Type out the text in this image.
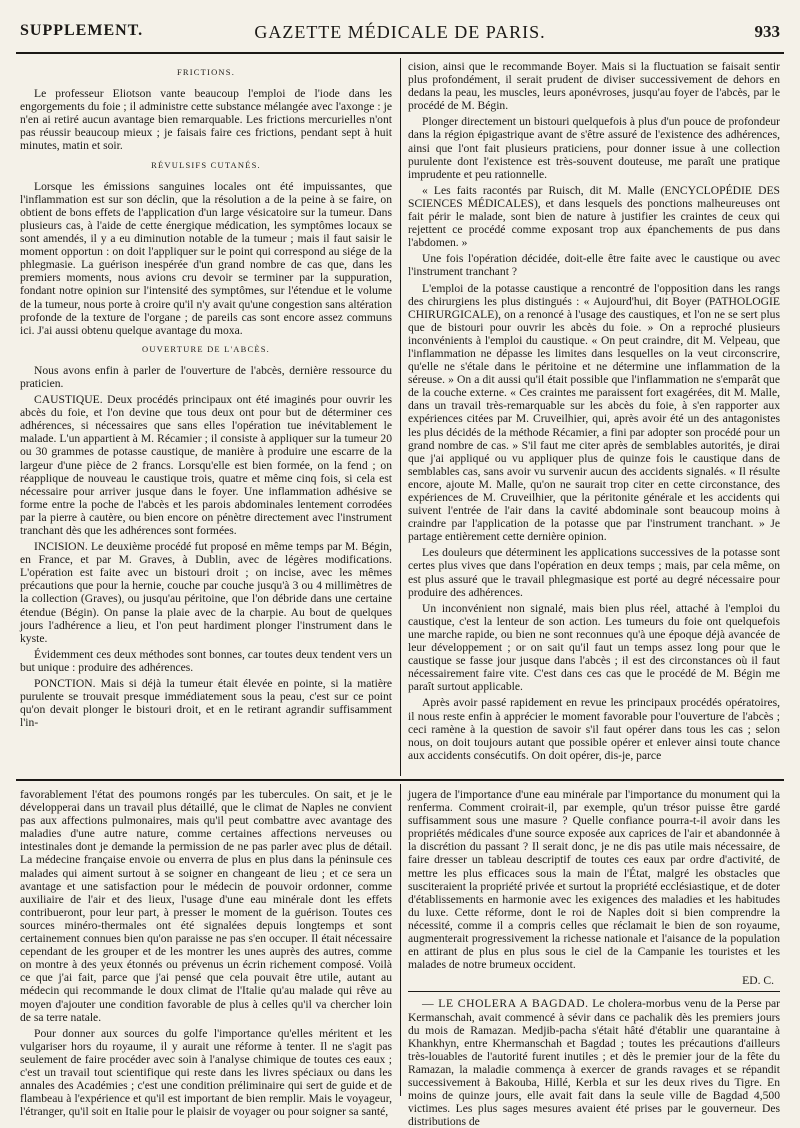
SUPPLEMENT.	GAZETTE MÉDICALE DE PARIS.	933
FRICTIONS.

Le professeur Eliotson vante beaucoup l'emploi de l'iode dans les engorgements du foie ; il administre cette substance mélangée avec l'axonge : je n'en ai retiré aucun avantage bien remarquable. Les frictions mercurielles n'ont pas réussir beaucoup mieux ; je faisais faire ces frictions, pendant sept à huit minutes, matin et soir.

RÉVULSIFS CUTANÉS.

Lorsque les émissions sanguines locales ont été impuissantes, que l'inflammation est sur son déclin, que la résolution a de la peine à se faire, on obtient de bons effets de l'application d'un large vésicatoire sur la tumeur. Dans plusieurs cas, à l'aide de cette énergique médication, les symptômes locaux se sont amendés, il y a eu diminution notable de la tumeur ; mais il faut saisir le moment opportun : on doit l'appliquer sur le point qui correspond au siége de la phlegmasie. La guérison inespérée d'un grand nombre de cas que, dans les premiers moments, nous avions cru devoir se terminer par la suppuration, fondant notre opinion sur l'intensité des symptômes, sur l'étendue et le volume de la tumeur, nous porte à croire qu'il n'y avait qu'une congestion sans altération profonde de la texture de l'organe ; de pareils cas sont encore assez communs ici. J'ai aussi obtenu quelque avantage du moxa.

OUVERTURE DE L'ABCÈS.

Nous avons enfin à parler de l'ouverture de l'abcès, dernière ressource du praticien.

CAUSTIQUE. Deux procédés principaux ont été imaginés pour ouvrir les abcès du foie, et l'on devine que tous deux ont pour but de déterminer ces adhérences, si nécessaires que sans elles l'opération tue inévitablement le malade. L'un appartient à M. Récamier ; il consiste à appliquer sur la tumeur 20 ou 30 grammes de potasse caustique, de manière à produire une escarre de la largeur d'une pièce de 2 francs. Lorsqu'elle est bien formée, on la fend ; on réapplique de nouveau le caustique trois, quatre et même cinq fois, si cela est nécessaire pour arriver jusque dans le foyer. Une inflammation adhésive se forme entre la poche de l'abcès et les parois abdominales lentement corrodées par la pierre à cautère, ou bien encore on pénètre directement avec l'instrument tranchant dès que les adhérences sont formées.

INCISION. Le deuxième procédé fut proposé en même temps par M. Bégin, en France, et par M. Graves, à Dublin, avec de légères modifications. L'opération est faite avec un bistouri droit ; on incise, avec les mêmes précautions que pour la hernie, couche par couche jusqu'à 3 ou 4 millimètres de la collection (Graves), ou jusqu'au péritoine, que l'on débride dans une certaine étendue (Bégin). On panse la plaie avec de la charpie. Au bout de quelques jours l'adhérence a lieu, et l'on peut hardiment plonger l'instrument dans le kyste.

Évidemment ces deux méthodes sont bonnes, car toutes deux tendent vers un but unique : produire des adhérences.

PONCTION. Mais si déjà la tumeur était élevée en pointe, si la matière purulente se trouvait presque immédiatement sous la peau, c'est sur ce point qu'on devait plonger le bistouri droit, et en le retirant agrandir suffisamment l'in-

cision, ainsi que le recommande Boyer. Mais si la fluctuation se faisait sentir plus profondément, il serait prudent de diviser successivement de dehors en dedans la peau, les muscles, leurs aponévroses, jusqu'au foyer de l'abcès, par le procédé de M. Bégin.

Plonger directement un bistouri quelquefois à plus d'un pouce de profondeur dans la région épigastrique avant de s'être assuré de l'existence des adhérences, ainsi que l'ont fait plusieurs praticiens, pour donner issue à une collection purulente dont l'existence est très-souvent douteuse, me paraît une pratique imprudente et peu rationnelle.

« Les faits racontés par Ruisch, dit M. Malle (ENCYCLOPÉDIE DES SCIENCES MÉDICALES), et dans lesquels des ponctions malheureuses ont fait périr le malade, sont bien de nature à justifier les craintes de ceux qui rejettent ce procédé comme exposant trop aux épanchements de pus dans l'abdomen. »

Une fois l'opération décidée, doit-elle être faite avec le caustique ou avec l'instrument tranchant ?

L'emploi de la potasse caustique a rencontré de l'opposition dans les rangs des chirurgiens les plus distingués : « Aujourd'hui, dit Boyer (PATHOLOGIE CHIRURGICALE), on a renoncé à l'usage des caustiques, et l'on ne se sert plus que de bistouri pour ouvrir les abcès du foie. » On a reproché plusieurs inconvénients à l'emploi du caustique. « On peut craindre, dit M. Velpeau, que l'inflammation ne dépasse les limites dans lesquelles on la veut circonscrire, qu'elle ne s'étale dans le péritoine et ne détermine une inflammation de la séreuse. » On a dit aussi qu'il était possible que l'inflammation ne s'emparât que de la couche externe. « Ces craintes me paraissent fort exagérées, dit M. Malle, dans un travail très-remarquable sur les abcès du foie, à s'en rapporter aux expériences citées par M. Cruveilhier, qui, après avoir été un des antagonistes les plus décidés de la méthode Récamier, a fini par adopter son procédé pour un grand nombre de cas. » S'il faut me citer après de semblables autorités, je dirai que j'ai appliqué ou vu appliquer plus de quinze fois le caustique dans de semblables cas, sans avoir vu survenir aucun des accidents signalés. « Il résulte encore, ajoute M. Malle, qu'on ne saurait trop citer en cette circonstance, des expériences de M. Cruveilhier, que la péritonite générale et les accidents qui suivent l'entrée de l'air dans la cavité abdominale sont beaucoup moins à craindre par l'application de la potasse que par l'instrument tranchant. » Je partage entièrement cette dernière opinion.

Les douleurs que déterminent les applications successives de la potasse sont certes plus vives que dans l'opération en deux temps ; mais, par cela même, on est plus assuré que le travail phlegmasique est porté au degré nécessaire pour produire des adhérences.

Un inconvénient non signalé, mais bien plus réel, attaché à l'emploi du caustique, c'est la lenteur de son action. Les tumeurs du foie ont quelquefois une marche rapide, ou bien ne sont reconnues qu'à une époque déjà avancée de leur développement ; or on sait qu'il faut un temps assez long pour que le caustique se fasse jour jusque dans l'abcès ; il est des circonstances où il faut nécessairement faire vite. C'est dans ces cas que le procédé de M. Bégin me paraît surtout applicable.

Après avoir passé rapidement en revue les principaux procédés opératoires, il nous reste enfin à apprécier le moment favorable pour l'ouverture de l'abcès ; ceci ramène à la question de savoir s'il faut opérer dans tous les cas ; selon nous, on doit toujours autant que possible opérer et enlever ainsi toute chance aux accidents consécutifs. On doit opérer, dis-je, parce

favorablement l'état des poumons rongés par les tubercules. On sait, et je le développerai dans un travail plus détaillé, que le climat de Naples ne convient pas aux affections pulmonaires, mais qu'il peut combattre avec avantage des maladies d'une autre nature, comme certaines affections nerveuses ou intestinales dont je demande la permission de ne pas parler avec plus de détail. La médecine française envoie ou enverra de plus en plus dans la péninsule ces malades qui aiment surtout à se soigner en changeant de lieu ; et ce sera un avantage et une satisfaction pour le médecin de pouvoir ordonner, comme auxiliaire de l'air et des lieux, l'usage d'une eau minérale dont les effets contribueront, pour leur part, à presser le moment de la guérison. Toutes ces sources minéro-thermales ont été signalées depuis longtemps et sont certainement connues bien qu'on paraisse ne pas s'en occuper. Il était nécessaire cependant de les grouper et de les montrer les unes auprès des autres, comme on montre à des yeux étonnés ou prévenus un écrin richement composé. Voilà ce que j'ai fait, parce que j'ai pensé que cela pouvait être utile, autant au médecin qui recommande le doux climat de l'Italie qu'au malade qui rêve au moyen d'ajouter une condition favorable de plus à celles qu'il va chercher loin de sa terre natale.

Pour donner aux sources du golfe l'importance qu'elles méritent et les vulgariser hors du royaume, il y aurait une réforme à tenter. Il ne s'agit pas seulement de faire procéder avec soin à l'analyse chimique de toutes ces eaux ; c'est un travail tout scientifique qui reste dans les livres spéciaux ou dans les annales des Académies ; c'est une condition préliminaire qui sert de guide et de flambeau à l'expérience et qu'il est important de bien remplir. Mais le voyageur, l'étranger, qu'il soit en Italie pour le plaisir de voyager ou pour soigner sa santé,

jugera de l'importance d'une eau minérale par l'importance du monument qui la renferma. Comment croirait-il, par exemple, qu'un trésor puisse être gardé suffisamment sous une masure ? Quelle confiance pourra-t-il avoir dans les propriétés médicales d'une source exposée aux caprices de l'air et abandonnée à la discrétion du passant ? Il serait donc, je ne dis pas utile mais nécessaire, de faire dresser un tableau descriptif de toutes ces eaux par ordre d'activité, de mettre les plus efficaces sous la main de l'État, malgré les obstacles que susciteraient la propriété privée et surtout la propriété ecclésiastique, et de doter d'établissements en harmonie avec les exigences des maladies et les habitudes du luxe. Cette réforme, dont le roi de Naples doit si bien comprendre la nécessité, comme il a compris celles que réclamait le bien de son royaume, augmenterait progressivement la richesse nationale et l'aisance de la population en attirant de plus en plus sous le ciel de la Campanie les touristes et les malades de notre brumeux occident.

ED. C.

— LE CHOLERA A BAGDAD. Le cholera-morbus venu de la Perse par Kermanschah, avait commencé à sévir dans ce pachalik dès les premiers jours du mois de Ramazan. Medjib-pacha s'était hâté d'établir une quarantaine à Khankhyn, entre Khermanschah et Bagdad ; toutes les précautions d'ailleurs très-louables de l'autorité furent inutiles ; et dès le premier jour de la fête du Ramazan, la maladie commença à exercer de grands ravages et se répandit successivement à Bakouba, Hillé, Kerbla et sur les deux rives du Tigre. En moins de quinze jours, elle avait fait dans la seule ville de Bagdad 4,500 victimes. Les plus sages mesures avaient été prises par le gouverneur. Des distributions de
